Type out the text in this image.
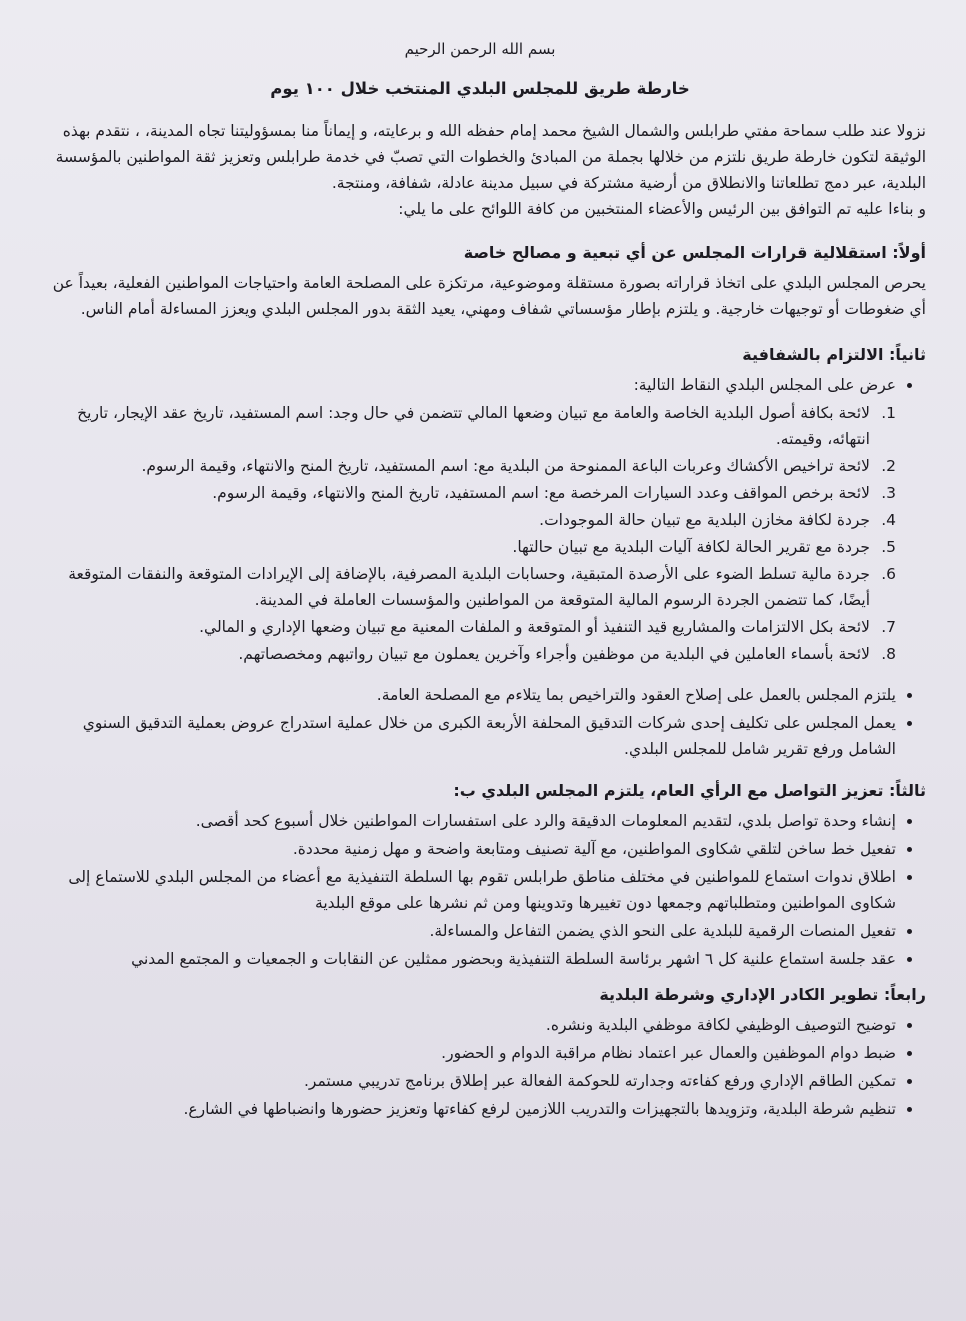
بسم الله الرحمن الرحيم
خارطة طريق للمجلس البلدي المنتخب خلال ١٠٠ يوم

نزولا عند طلب سماحة مفتي طرابلس والشمال الشيخ محمد إمام حفظه الله و برعايته، و إيماناً منا بمسؤوليتنا تجاه المدينة، ، نتقدم بهذه الوثيقة لتكون خارطة طريق نلتزم من خلالها بجملة من المبادئ والخطوات التي تصبّ في خدمة طرابلس وتعزيز ثقة المواطنين بالمؤسسة البلدية، عبر دمج تطلعاتنا والانطلاق من أرضية مشتركة في سبيل مدينة عادلة، شفافة، ومنتجة.

و بناءا عليه تم التوافق بين الرئيس والأعضاء المنتخبين من كافة اللوائح على ما يلي:

أولاً: استقلالية قرارات المجلس عن أي تبعية و مصالح خاصة

يحرص المجلس البلدي على اتخاذ قراراته بصورة مستقلة وموضوعية، مرتكزة على المصلحة العامة واحتياجات المواطنين الفعلية، بعيداً عن أي ضغوطات أو توجيهات خارجية. و يلتزم بإطار مؤسساتي شفاف ومهني، يعيد الثقة بدور المجلس البلدي ويعزز المساءلة أمام الناس.

ثانياً: الالتزام بالشفافية
• عرض على المجلس البلدي النقاط التالية:
1.
لائحة بكافة أصول البلدية الخاصة والعامة مع تبيان وضعها المالي تتضمن في حال وجد: اسم المستفيد، تاريخ عقد الإيجار، تاريخ انتهائه، وقيمته.
2.
لائحة تراخيص الأكشاك وعربات الباعة الممنوحة من البلدية مع: اسم المستفيد، تاريخ المنح والانتهاء، وقيمة الرسوم.
3.
لائحة برخص المواقف وعدد السيارات المرخصة مع: اسم المستفيد، تاريخ المنح والانتهاء، وقيمة الرسوم.
4.
جردة لكافة مخازن البلدية مع تبيان حالة الموجودات.
5.
جردة مع تقرير الحالة لكافة آليات البلدية مع تبيان حالتها.
6.
جردة مالية تسلط الضوء على الأرصدة المتبقية، وحسابات البلدية المصرفية، بالإضافة إلى الإيرادات المتوقعة والنفقات المتوقعة أيضًا، كما تتضمن الجردة الرسوم المالية المتوقعة من المواطنين والمؤسسات العاملة في المدينة.
7.
لائحة بكل الالتزامات والمشاريع قيد التنفيذ أو المتوقعة و الملفات المعنية مع تبيان وضعها الإداري و المالي.
8.
لائحة بأسماء العاملين في البلدية من موظفين وأجراء وآخرين يعملون مع تبيان رواتبهم ومخصصاتهم.
• يلتزم المجلس بالعمل على إصلاح العقود والتراخيص بما يتلاءم مع المصلحة العامة.
• يعمل المجلس على تكليف إحدى شركات التدقيق المحلفة الأربعة الكبرى من خلال عملية استدراج عروض بعملية التدقيق السنوي الشامل ورفع تقرير شامل للمجلس البلدي.
ثالثاً: تعزيز التواصل مع الرأي العام، يلتزم المجلس البلدي ب:
• إنشاء وحدة تواصل بلدي، لتقديم المعلومات الدقيقة والرد على استفسارات المواطنين خلال أسبوع كحد أقصى.
• تفعيل خط ساخن لتلقي شكاوى المواطنين، مع آلية تصنيف ومتابعة واضحة و مهل زمنية محددة.
• اطلاق ندوات استماع للمواطنين في مختلف مناطق طرابلس تقوم بها السلطة التنفيذية مع أعضاء من المجلس البلدي للاستماع إلى شكاوى المواطنين ومتطلباتهم وجمعها دون تغييرها وتدوينها ومن ثم نشرها على موقع البلدية
• تفعيل المنصات الرقمية للبلدية على النحو الذي يضمن التفاعل والمساءلة.
• عقد جلسة استماع علنية كل ٦ اشهر برئاسة السلطة التنفيذية وبحضور ممثلين عن النقابات و الجمعيات و المجتمع المدني
رابعاً: تطوير الكادر الإداري وشرطة البلدية
• توضيح التوصيف الوظيفي لكافة موظفي البلدية ونشره.
• ضبط دوام الموظفين والعمال عبر اعتماد نظام مراقبة الدوام و الحضور.
• تمكين الطاقم الإداري ورفع كفاءته وجدارته للحوكمة الفعالة عبر إطلاق برنامج تدريبي مستمر.
• تنظيم شرطة البلدية، وتزويدها بالتجهيزات والتدريب اللازمين لرفع كفاءتها وتعزيز حضورها وانضباطها في الشارع.
